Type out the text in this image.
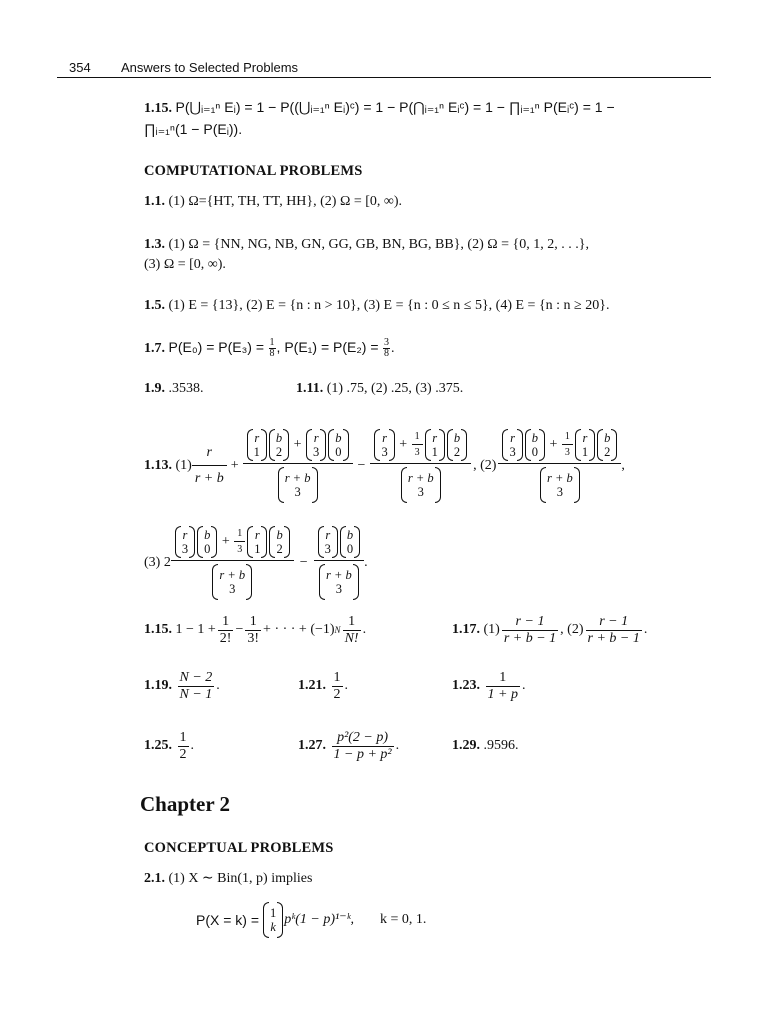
354 Answers to Selected Problems
1.15. P(⋃ᵢ₌₁ⁿ Eᵢ) = 1 − P((⋃ᵢ₌₁ⁿ Eᵢ)ᶜ) = 1 − P(⋂ᵢ₌₁ⁿ Eᵢᶜ) = 1 − ∏ᵢ₌₁ⁿ P(Eᵢᶜ) = 1 −
∏ᵢ₌₁ⁿ(1 − P(Eᵢ)).
COMPUTATIONAL PROBLEMS
1.1. (1) Ω={HT, TH, TT, HH}, (2) Ω = [0, ∞).
1.3. (1) Ω = {NN, NG, NB, GN, GG, GB, BN, BG, BB}, (2) Ω = {0, 1, 2, . . .},
(3) Ω = [0, ∞).
1.5. (1) E = {13}, (2) E = {n : n > 10}, (3) E = {n : 0 ≤ n ≤ 5}, (4) E = {n : n ≥ 20}.
1.7. $P(E_0) = P(E_3) = \frac{1}{8}$ , $P(E_1) = P(E_2) = \frac{3}{8}$ .
1.9. .3538.	1.11. (1) .75, (2) .25, (3) .375.
1.13.
$(1) \frac{r}{r + b} + r$
1
b
2 + r
3
b
0
r + b
3 − r
$3 + \frac{1}{3}$ r
1
b
2
r + b
3 , (2)
r
3
b
$0 + \frac{1}{3}$ r
1
b
2
r + b
3
,
(3) 2
r
3
b
$0 + \frac{1}{3}$ r
1
b
2
r + b
3
− r
3
b
0
r + b
3 .
1.15.
$1 - 1 + \frac{1}{2!} - \frac{1}{3!}$ + · · · + (−1) N $\frac{1}{N!}$ .	1.17.
$(1) \frac{r - 1}{r + b - 1}$ , $(2) \frac{r - 1}{r + b - 1}$ .
1.19.
$\frac{N - 2}{N - 1}$ .	1.21.
$\frac{1}{2}$ .	1.23.
$\frac{1}{1 + p}$ .
1.25.
$\frac{1}{2}$ .	1.27.
$\frac{\text{p²(2 − p)}}{\text{1 − p + p²}}$ .	1.29. .9596.
Chapter 2
CONCEPTUAL PROBLEMS
2.1. (1) X ∼ Bin(1, p) implies
P(X = k) = 1
k pᵏ(1 − p)¹⁻ᵏ, k = 0, 1.
